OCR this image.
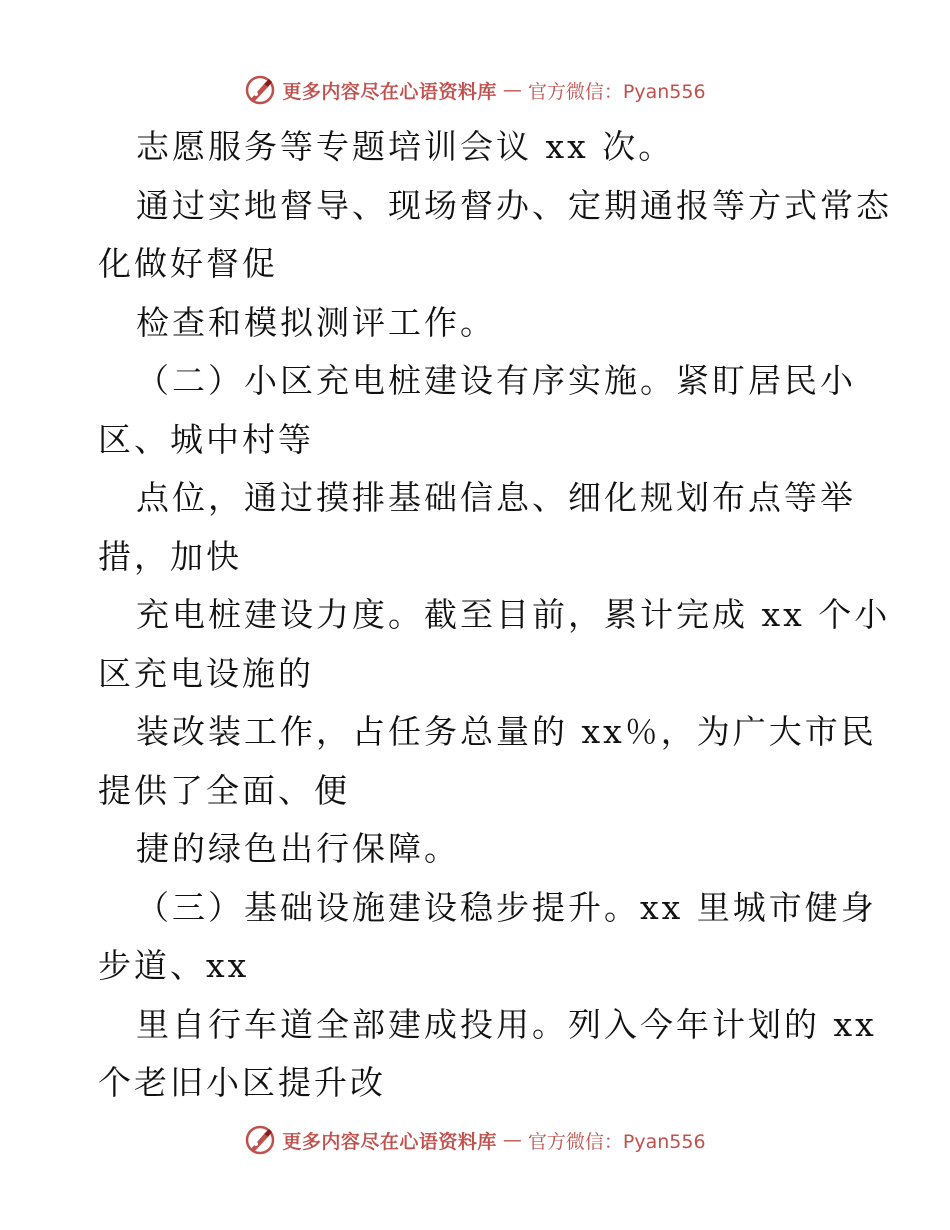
更多内容尽在心语资料库 — 官方微信：Pyan556
志愿服务等专题培训会议 xx 次。
通过实地督导、现场督办、定期通报等方式常态
化做好督促
检查和模拟测评工作。
（二）小区充电桩建设有序实施。紧盯居民小
区、城中村等
点位，通过摸排基础信息、细化规划布点等举
措，加快
充电桩建设力度。截至目前，累计完成 xx 个小
区充电设施的
装改装工作，占任务总量的 xx％，为广大市民
提供了全面、便
捷的绿色出行保障。
（三）基础设施建设稳步提升。xx 里城市健身
步道、xx
里自行车道全部建成投用。列入今年计划的 xx
个老旧小区提升改
更多内容尽在心语资料库 — 官方微信：Pyan556
